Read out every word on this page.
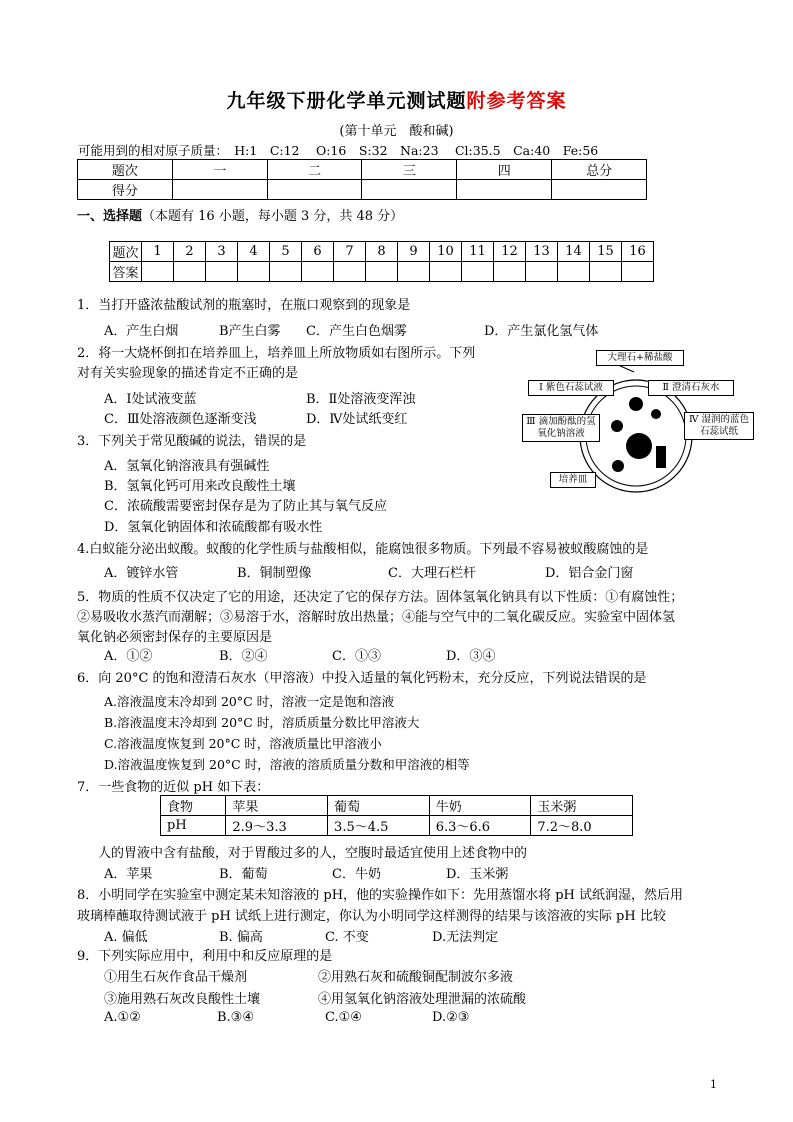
九年级下册化学单元测试题附参考答案
(第十单元　酸和碱)
可能用到的相对原子质量：　H:1　C:12　 O:16　S:32　Na:23　 Cl:35.5　Ca:40　Fe:56
题次	一	二	三	四	总分
得分					
一、选择题（本题有 16 小题，每小题 3 分，共 48 分）
题次	1	2	3	4	5	6	7	8	9	10	11	12	13	14	15	16
答案																
1．当打开盛浓盐酸试剂的瓶塞时，在瓶口观察到的现象是
A．产生白烟	B产生白雾 C．产生白色烟雾	D．产生氯化氢气体
2．将一大烧杯倒扣在培养皿上，培养皿上所放物质如右图所示。下列
对有关实验现象的描述肯定不正确的是
A．Ⅰ处试液变蓝	B．Ⅱ处溶液变浑浊
C．Ⅲ处溶液颜色逐渐变浅	D．Ⅳ处试纸变红
大理石+稀盐酸
Ⅰ 紫色石蕊试液	Ⅱ 澄清石灰水
Ⅲ 滴加酚酞的氢氧化钠溶液
Ⅳ 湿润的蓝色石蕊试纸
培养皿
3．下列关于常见酸碱的说法，错误的是
A．氢氧化钠溶液具有强碱性
B．氢氧化钙可用来改良酸性土壤
C．浓硫酸需要密封保存是为了防止其与氧气反应
D．氢氧化钠固体和浓硫酸都有吸水性
4.白蚁能分泌出蚁酸。蚁酸的化学性质与盐酸相似，能腐蚀很多物质。下列最不容易被蚁酸腐蚀的是
A．镀锌水管	B．铜制塑像	C．大理石栏杆	D．铝合金门窗
5．物质的性质不仅决定了它的用途，还决定了它的保存方法。固体氢氧化钠具有以下性质：①有腐蚀性；
②易吸收水蒸汽而潮解；③易溶于水，溶解时放出热量；④能与空气中的二氧化碳反应。实验室中固体氢
氧化钠必须密封保存的主要原因是
A．①②	B．②④	C．①③	D．③④
6．向 20°C 的饱和澄清石灰水（甲溶液）中投入适量的氧化钙粉末，充分反应，下列说法错误的是
A.溶液温度末冷却到 20°C 时，溶液一定是饱和溶液
B.溶液温度末冷却到 20°C 时，溶质质量分数比甲溶液大
C.溶液温度恢复到 20°C 时，溶液质量比甲溶液小
D.溶液温度恢复到 20°C 时，溶液的溶质质量分数和甲溶液的相等
7．一些食物的近似 pH 如下表：
食物	苹果	葡萄	牛奶	玉米粥
pH	2.9～3.3	3.5～4.5	6.3～6.6	7.2～8.0
人的胃液中含有盐酸，对于胃酸过多的人，空腹时最适宜使用上述食物中的
A．苹果	B．葡萄	C．牛奶	D．玉米粥
8．小明同学在实验室中测定某未知溶液的 pH，他的实验操作如下：先用蒸馏水将 pH 试纸润湿，然后用
玻璃棒蘸取待测试液于 pH 试纸上进行测定，你认为小明同学这样测得的结果与该溶液的实际 pH 比较
A. 偏低	B. 偏高	C. 不变	D.无法判定
9．下列实际应用中，利用中和反应原理的是
①用生石灰作食品干燥剂	②用熟石灰和硫酸铜配制波尔多液
③施用熟石灰改良酸性土壤	④用氢氧化钠溶液处理泄漏的浓硫酸
A.①②	B.③④	C.①④	D.②③
1
